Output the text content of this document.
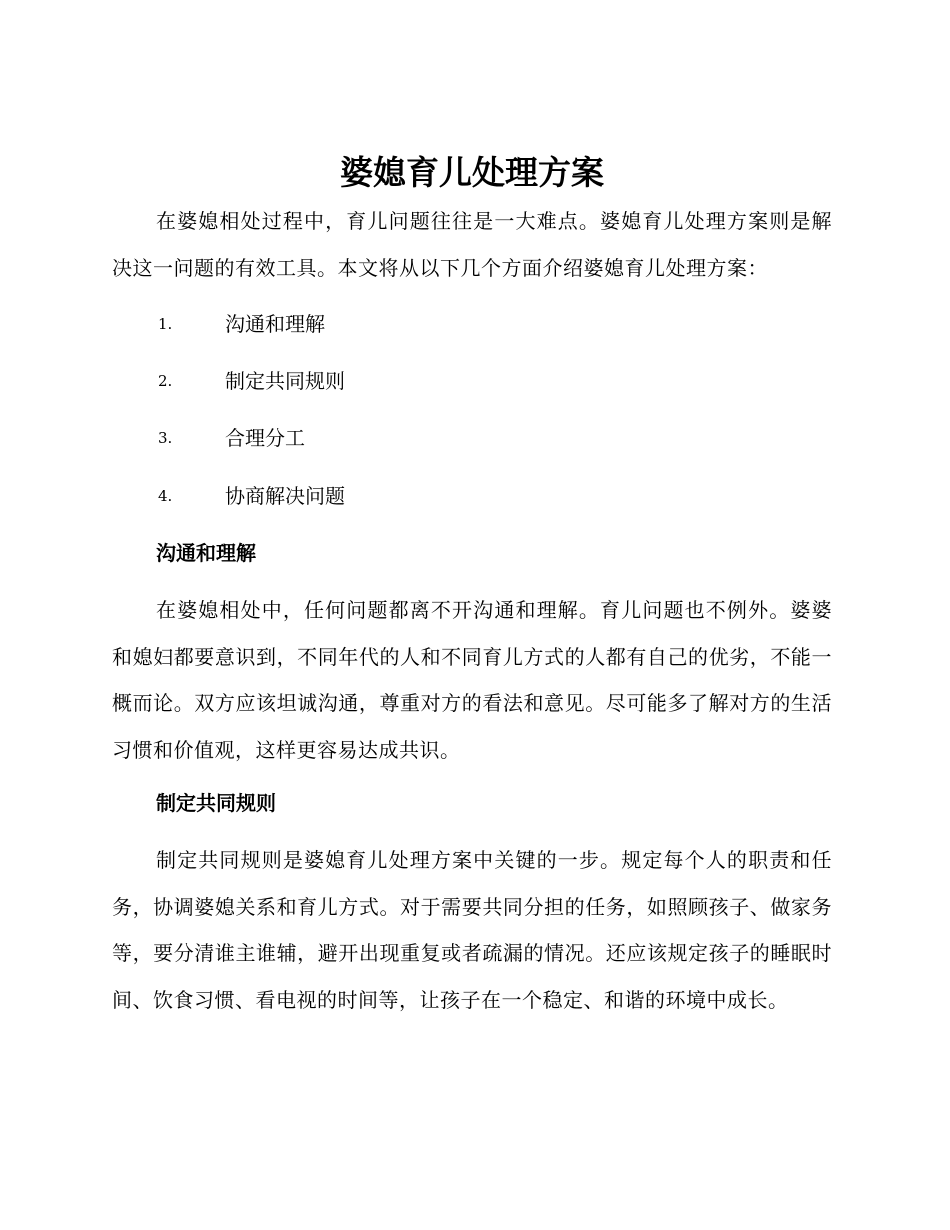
婆媳育儿处理方案

在婆媳相处过程中，育儿问题往往是一大难点。婆媳育儿处理方案则是解决这一问题的有效工具。本文将从以下几个方面介绍婆媳育儿处理方案：

1.	沟通和理解
2.	制定共同规则
3.	合理分工
4.	协商解决问题
沟通和理解

在婆媳相处中，任何问题都离不开沟通和理解。育儿问题也不例外。婆婆和媳妇都要意识到，不同年代的人和不同育儿方式的人都有自己的优劣，不能一概而论。双方应该坦诚沟通，尊重对方的看法和意见。尽可能多了解对方的生活习惯和价值观，这样更容易达成共识。

制定共同规则

制定共同规则是婆媳育儿处理方案中关键的一步。规定每个人的职责和任务，协调婆媳关系和育儿方式。对于需要共同分担的任务，如照顾孩子、做家务等，要分清谁主谁辅，避开出现重复或者疏漏的情况。还应该规定孩子的睡眠时间、饮食习惯、看电视的时间等，让孩子在一个稳定、和谐的环境中成长。
